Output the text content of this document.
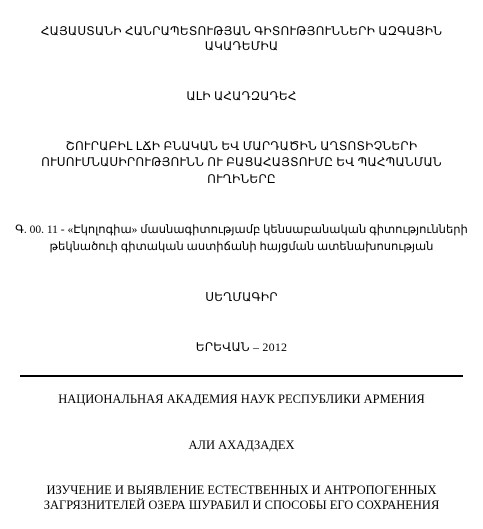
ՀԱՅԱՍՏԱՆԻ ՀԱՆՐԱՊԵՏՈՒԹՅԱՆ ԳԻՏՈՒԹՅՈՒՆՆԵՐԻ ԱԶԳԱՅԻՆ
ԱԿԱԴԵՄԻԱ
ԱԼԻ ԱՀԱԴԶԱԴԵՀ
ՇՈՒՐԱԲԻԼ ԼՃԻ ԲՆԱԿԱՆ ԵՎ ՄԱՐԴԱԾԻՆ ԱՂՏՈՏԻՉՆԵՐԻ
ՈՒՍՈՒՄՆԱՍԻՐՈՒԹՅՈՒՆՆ ՈՒ ԲԱՑԱՀԱՅՏՈՒՄԸ ԵՎ ՊԱՀՊԱՆՄԱՆ
ՈՒՂԻՆԵՐԸ
Գ. 00. 11 - «Էկոլոգիա» մասնագիտությամբ կենսաբանական գիտությունների
թեկնածուի գիտական աստիճանի հայցման ատենախոսության
ՍԵՂՄԱԳԻՐ
ԵՐԵՎԱՆ – 2012
НАЦИОНАЛЬНАЯ АКАДЕМИЯ НАУК РЕСПУБЛИКИ АРМЕНИЯ
АЛИ АХАДЗАДЕХ
ИЗУЧЕНИЕ И ВЫЯВЛЕНИЕ ЕСТЕСТВЕННЫХ И АНТРОПОГЕННЫХ
ЗАГРЯЗНИТЕЛЕЙ ОЗЕРА ШУРАБИЛ И СПОСОБЫ ЕГО СОХРАНЕНИЯ
